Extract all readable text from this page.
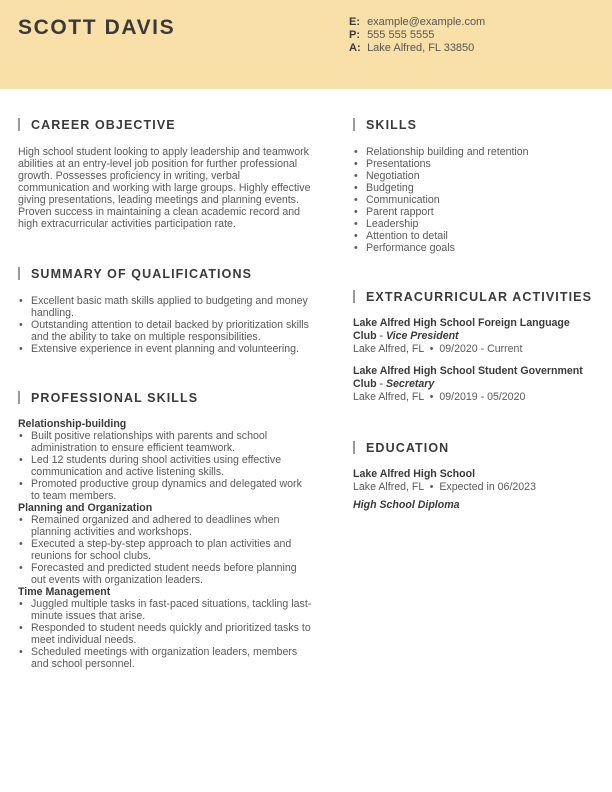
SCOTT DAVIS	E: example@example.com
P: 555 555 5555
A: Lake Alfred, FL 33850
CAREER OBJECTIVE
High school student looking to apply leadership and teamwork abilities at an entry-level job position for further professional growth. Possesses proficiency in writing, verbal communication and working with large groups. Highly effective giving presentations, leading meetings and planning events. Proven success in maintaining a clean academic record and high extracurricular activities participation rate.
SUMMARY OF QUALIFICATIONS
• Excellent basic math skills applied to budgeting and money handling.
• Outstanding attention to detail backed by prioritization skills and the ability to take on multiple responsibilities.
• Extensive experience in event planning and volunteering.
PROFESSIONAL SKILLS
Relationship-building
• Built positive relationships with parents and school administration to ensure efficient teamwork.
• Led 12 students during shool activities using effective communication and active listening skills.
• Promoted productive group dynamics and delegated work to team members.
Planning and Organization
• Remained organized and adhered to deadlines when planning activities and workshops.
• Executed a step-by-step approach to plan activities and reunions for school clubs.
• Forecasted and predicted student needs before planning out events with organization leaders.
Time Management
• Juggled multiple tasks in fast-paced situations, tackling last-minute issues that arise.
• Responded to student needs quickly and prioritized tasks to meet individual needs.
• Scheduled meetings with organization leaders, members and school personnel.
SKILLS
• Relationship building and retention
• Presentations
• Negotiation
• Budgeting
• Communication
• Parent rapport
• Leadership
• Attention to detail
• Performance goals
EXTRACURRICULAR ACTIVITIES
Lake Alfred High School Foreign Language Club - Vice President
Lake Alfred, FL  •  09/2020 - Current
Lake Alfred High School Student Government Club - Secretary
Lake Alfred, FL  •  09/2019 - 05/2020
EDUCATION
Lake Alfred High School
Lake Alfred, FL  •  Expected in 06/2023
High School Diploma
